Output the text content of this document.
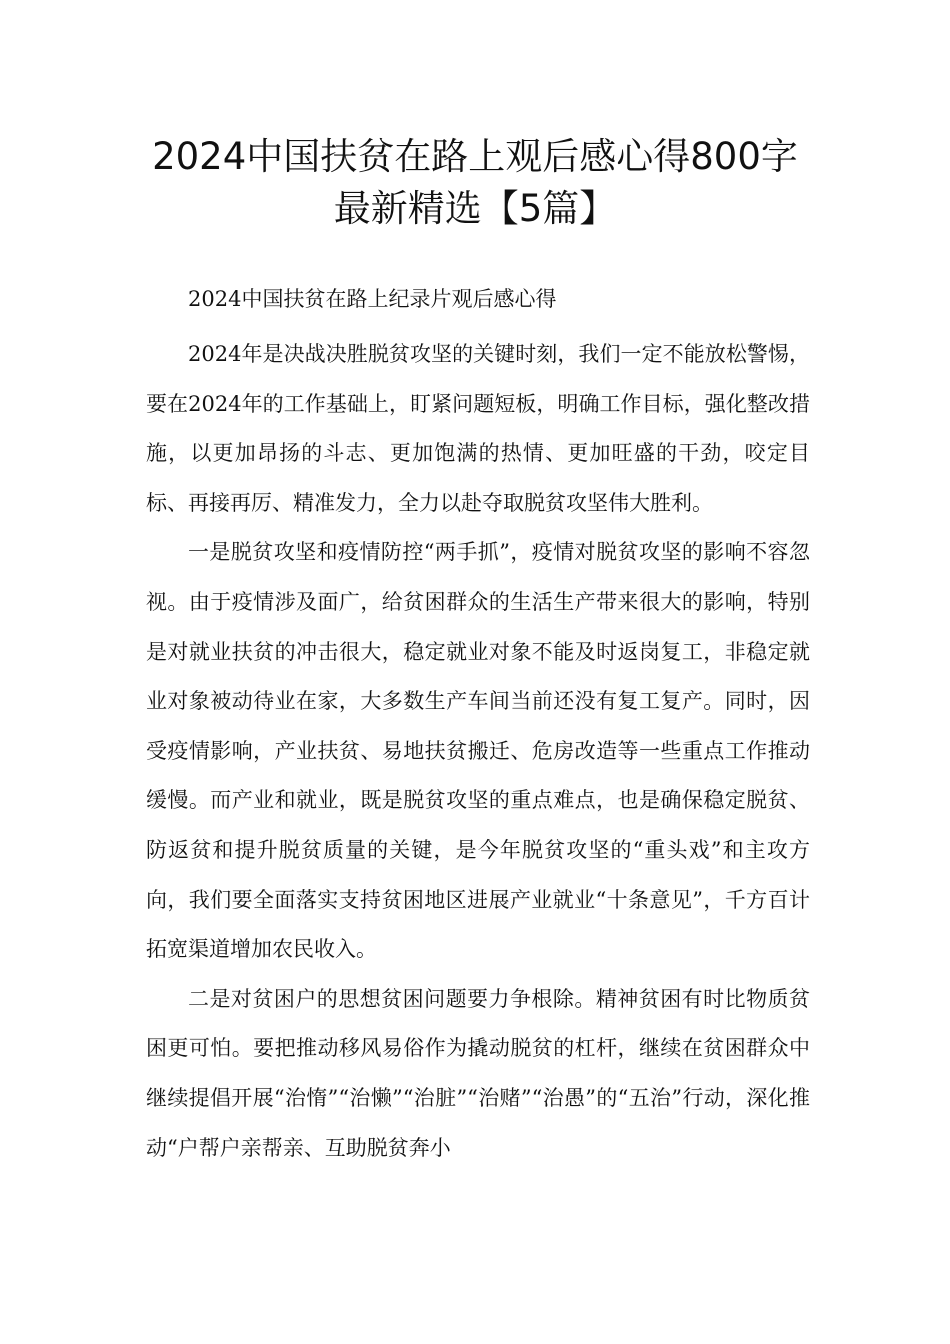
2024中国扶贫在路上观后感心得800字
最新精选【5篇】
2024中国扶贫在路上纪录片观后感心得

2024年是决战决胜脱贫攻坚的关键时刻，我们一定不能放松警惕，要在2024年的工作基础上，盯紧问题短板，明确工作目标，强化整改措施，以更加昂扬的斗志、更加饱满的热情、更加旺盛的干劲，咬定目标、再接再厉、精准发力，全力以赴夺取脱贫攻坚伟大胜利。

一是脱贫攻坚和疫情防控“两手抓”，疫情对脱贫攻坚的影响不容忽视。由于疫情涉及面广，给贫困群众的生活生产带来很大的影响，特别是对就业扶贫的冲击很大，稳定就业对象不能及时返岗复工，非稳定就业对象被动待业在家，大多数生产车间当前还没有复工复产。同时，因受疫情影响，产业扶贫、易地扶贫搬迁、危房改造等一些重点工作推动缓慢。而产业和就业，既是脱贫攻坚的重点难点，也是确保稳定脱贫、防返贫和提升脱贫质量的关键，是今年脱贫攻坚的“重头戏”和主攻方向，我们要全面落实支持贫困地区进展产业就业“十条意见”，千方百计拓宽渠道增加农民收入。

二是对贫困户的思想贫困问题要力争根除。精神贫困有时比物质贫困更可怕。要把推动移风易俗作为撬动脱贫的杠杆，继续在贫困群众中继续提倡开展“治惰”“治懒”“治脏”“治赌”“治愚”的“五治”行动，深化推动“户帮户亲帮亲、互助脱贫奔小
